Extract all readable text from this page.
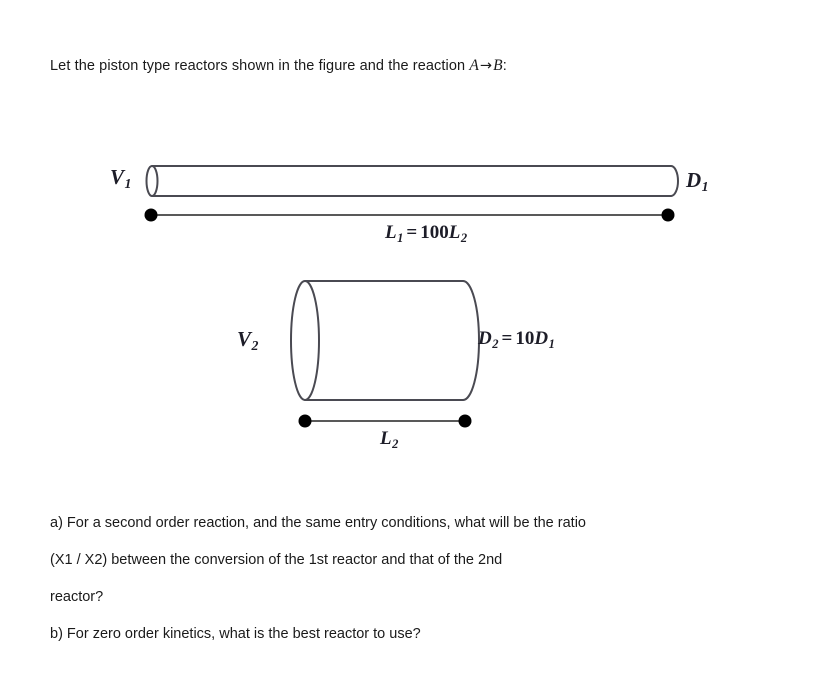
Let the piston type reactors shown in the figure and the reaction A→B:
$V_1$	$D_1$
$L_1 = 100L_2$
$V_2$	$D_2 = 10D_1$
$L_2$
a) For a second order reaction, and the same entry conditions, what will be the ratio
(X1 / X2) between the conversion of the 1st reactor and that of the 2nd
reactor?
b) For zero order kinetics, what is the best reactor to use?
